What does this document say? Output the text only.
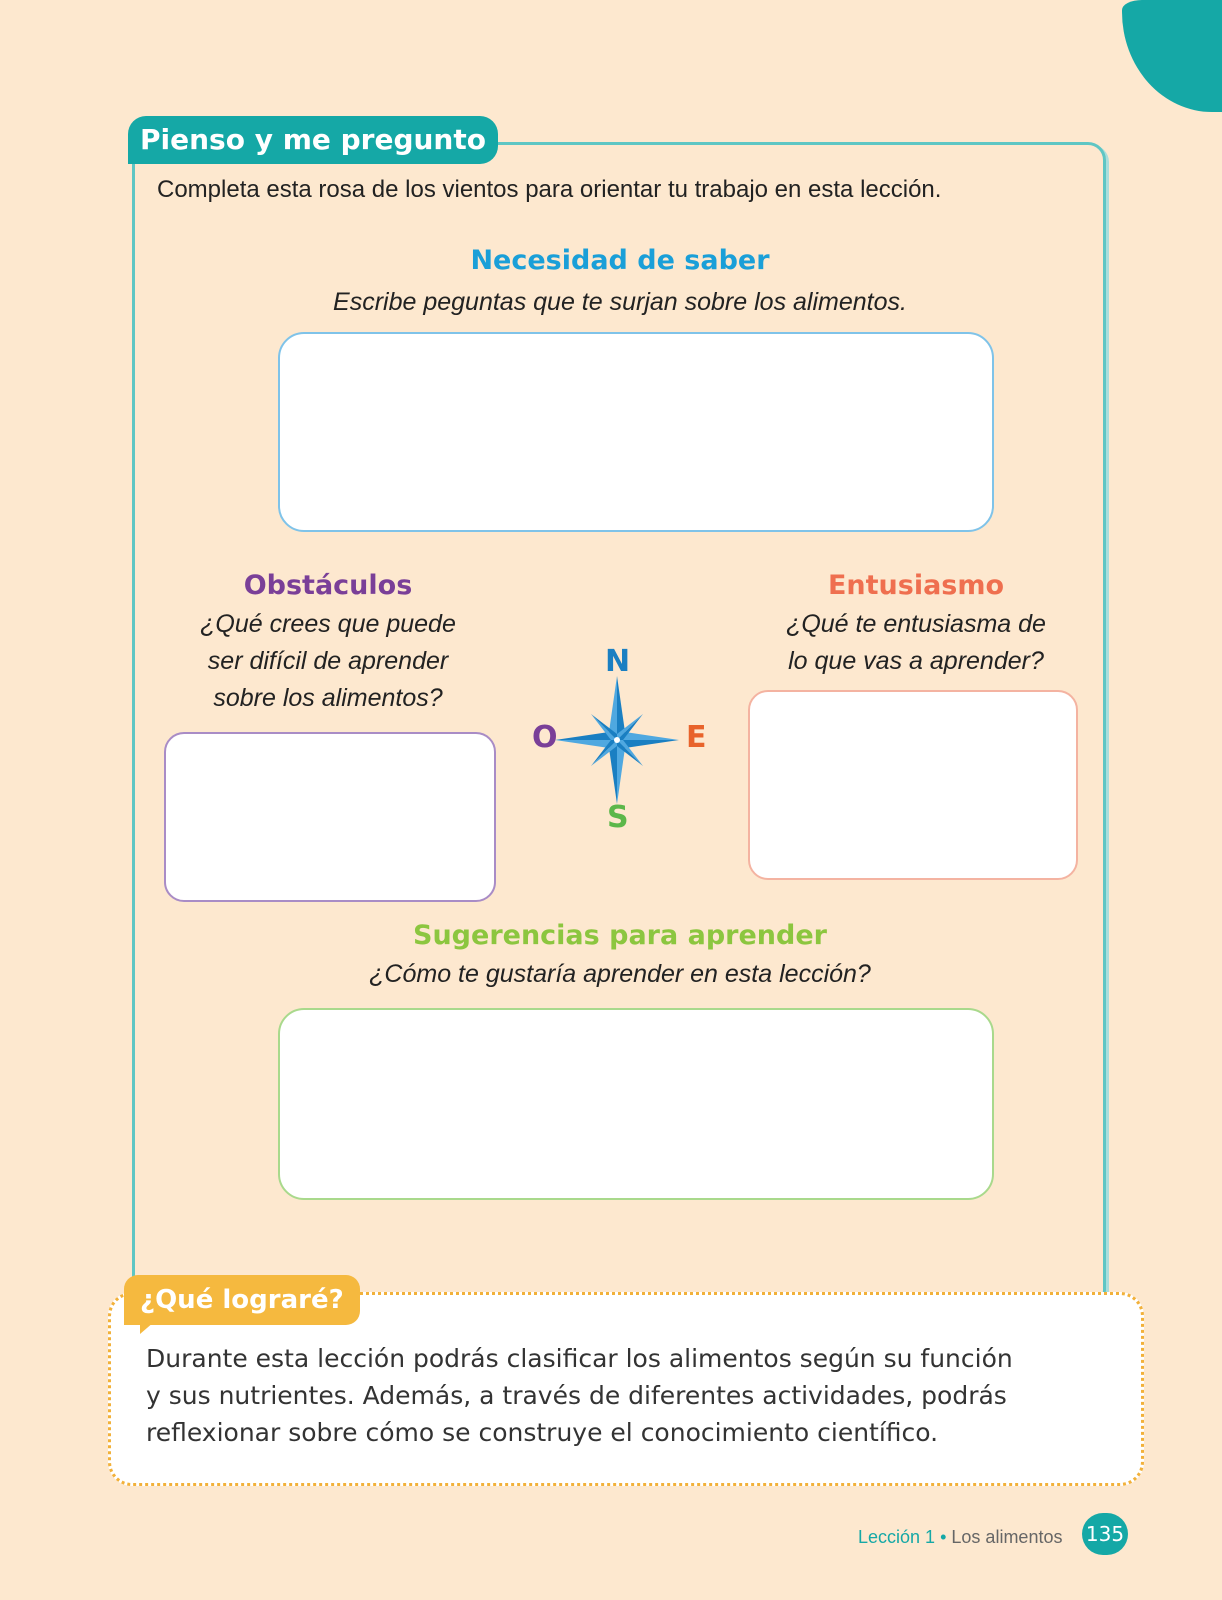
Pienso y me pregunto
Completa esta rosa de los vientos para orientar tu trabajo en esta lección.
Necesidad de saber
Escribe peguntas que te surjan sobre los alimentos.
Obstáculos
¿Qué crees que puede
ser difícil de aprender
sobre los alimentos?
Entusiasmo
¿Qué te entusiasma de
lo que vas a aprender?
N
O	E
S
Sugerencias para aprender
¿Cómo te gustaría aprender en esta lección?
¿Qué lograré?
Durante esta lección podrás clasificar los alimentos según su función
y sus nutrientes. Además, a través de diferentes actividades, podrás
reflexionar sobre cómo se construye el conocimiento científico.
Lección 1 • Los alimentos 135
